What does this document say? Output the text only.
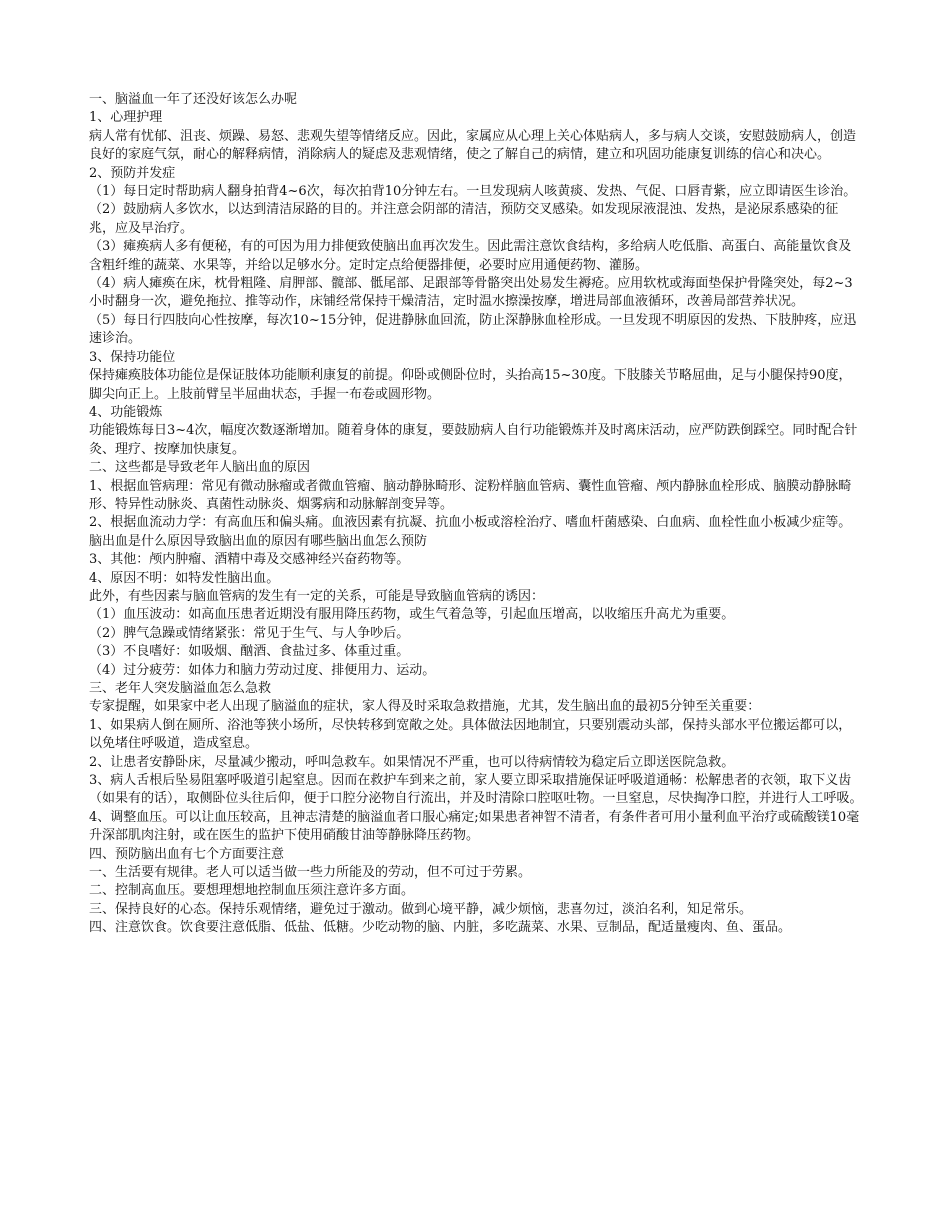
一、脑溢血一年了还没好该怎么办呢

1、心理护理

病人常有忧郁、沮丧、烦躁、易怒、悲观失望等情绪反应。因此，家属应从心理上关心体贴病人，多与病人交谈，安慰鼓励病人，创造良好的家庭气氛，耐心的解释病情，消除病人的疑虑及悲观情绪，使之了解自己的病情，建立和巩固功能康复训练的信心和决心。

2、预防并发症

（1）每日定时帮助病人翻身拍背4~6次，每次拍背10分钟左右。一旦发现病人咳黄痰、发热、气促、口唇青紫，应立即请医生诊治。

（2）鼓励病人多饮水，以达到清洁尿路的目的。并注意会阴部的清洁，预防交叉感染。如发现尿液混浊、发热，是泌尿系感染的征兆，应及早治疗。

（3）瘫痪病人多有便秘，有的可因为用力排便致使脑出血再次发生。因此需注意饮食结构，多给病人吃低脂、高蛋白、高能量饮食及含粗纤维的蔬菜、水果等，并给以足够水分。定时定点给便器排便，必要时应用通便药物、灌肠。

（4）病人瘫痪在床，枕骨粗隆、肩胛部、髋部、骶尾部、足跟部等骨骼突出处易发生褥疮。应用软枕或海面垫保护骨隆突处，每2~3小时翻身一次，避免拖拉、推等动作，床铺经常保持干燥清洁，定时温水擦澡按摩，增进局部血液循环，改善局部营养状况。

（5）每日行四肢向心性按摩，每次10~15分钟，促进静脉血回流，防止深静脉血栓形成。一旦发现不明原因的发热、下肢肿疼，应迅速诊治。

3、保持功能位

保持瘫痪肢体功能位是保证肢体功能顺利康复的前提。仰卧或侧卧位时，头抬高15~30度。下肢膝关节略屈曲，足与小腿保持90度，脚尖向正上。上肢前臂呈半屈曲状态，手握一布卷或圆形物。

4、功能锻炼

功能锻炼每日3~4次，幅度次数逐渐增加。随着身体的康复，要鼓励病人自行功能锻炼并及时离床活动，应严防跌倒踩空。同时配合针灸、理疗、按摩加快康复。

二、这些都是导致老年人脑出血的原因

1、根据血管病理：常见有微动脉瘤或者微血管瘤、脑动静脉畸形、淀粉样脑血管病、囊性血管瘤、颅内静脉血栓形成、脑膜动静脉畸形、特异性动脉炎、真菌性动脉炎、烟雾病和动脉解剖变异等。

2、根据血流动力学：有高血压和偏头痛。血液因素有抗凝、抗血小板或溶栓治疗、嗜血杆菌感染、白血病、血栓性血小板减少症等。

脑出血是什么原因导致脑出血的原因有哪些脑出血怎么预防

3、其他：颅内肿瘤、酒精中毒及交感神经兴奋药物等。

4、原因不明：如特发性脑出血。

此外，有些因素与脑血管病的发生有一定的关系，可能是导致脑血管病的诱因：

（1）血压波动：如高血压患者近期没有服用降压药物，或生气着急等，引起血压增高，以收缩压升高尤为重要。

（2）脾气急躁或情绪紧张：常见于生气、与人争吵后。

（3）不良嗜好：如吸烟、酗酒、食盐过多、体重过重。

（4）过分疲劳：如体力和脑力劳动过度、排便用力、运动。

三、老年人突发脑溢血怎么急救

专家提醒，如果家中老人出现了脑溢血的症状，家人得及时采取急救措施，尤其，发生脑出血的最初5分钟至关重要：

1、如果病人倒在厕所、浴池等狭小场所，尽快转移到宽敞之处。具体做法因地制宜，只要别震动头部，保持头部水平位搬运都可以，以免堵住呼吸道，造成窒息。

2、让患者安静卧床，尽量减少搬动，呼叫急救车。如果情况不严重，也可以待病情较为稳定后立即送医院急救。

3、病人舌根后坠易阻塞呼吸道引起窒息。因而在救护车到来之前，家人要立即采取措施保证呼吸道通畅：松解患者的衣领，取下义齿（如果有的话），取侧卧位头往后仰，便于口腔分泌物自行流出，并及时清除口腔呕吐物。一旦窒息，尽快掏净口腔，并进行人工呼吸。

4、调整血压。可以让血压较高，且神志清楚的脑溢血者口服心痛定;如果患者神智不清者，有条件者可用小量利血平治疗或硫酸镁10毫升深部肌肉注射，或在医生的监护下使用硝酸甘油等静脉降压药物。

四、预防脑出血有七个方面要注意

一、生活要有规律。老人可以适当做一些力所能及的劳动，但不可过于劳累。

二、控制高血压。要想理想地控制血压须注意许多方面。

三、保持良好的心态。保持乐观情绪，避免过于激动。做到心境平静，减少烦恼，悲喜勿过，淡泊名利，知足常乐。

四、注意饮食。饮食要注意低脂、低盐、低糖。少吃动物的脑、内脏，多吃蔬菜、水果、豆制品，配适量瘦肉、鱼、蛋品。
